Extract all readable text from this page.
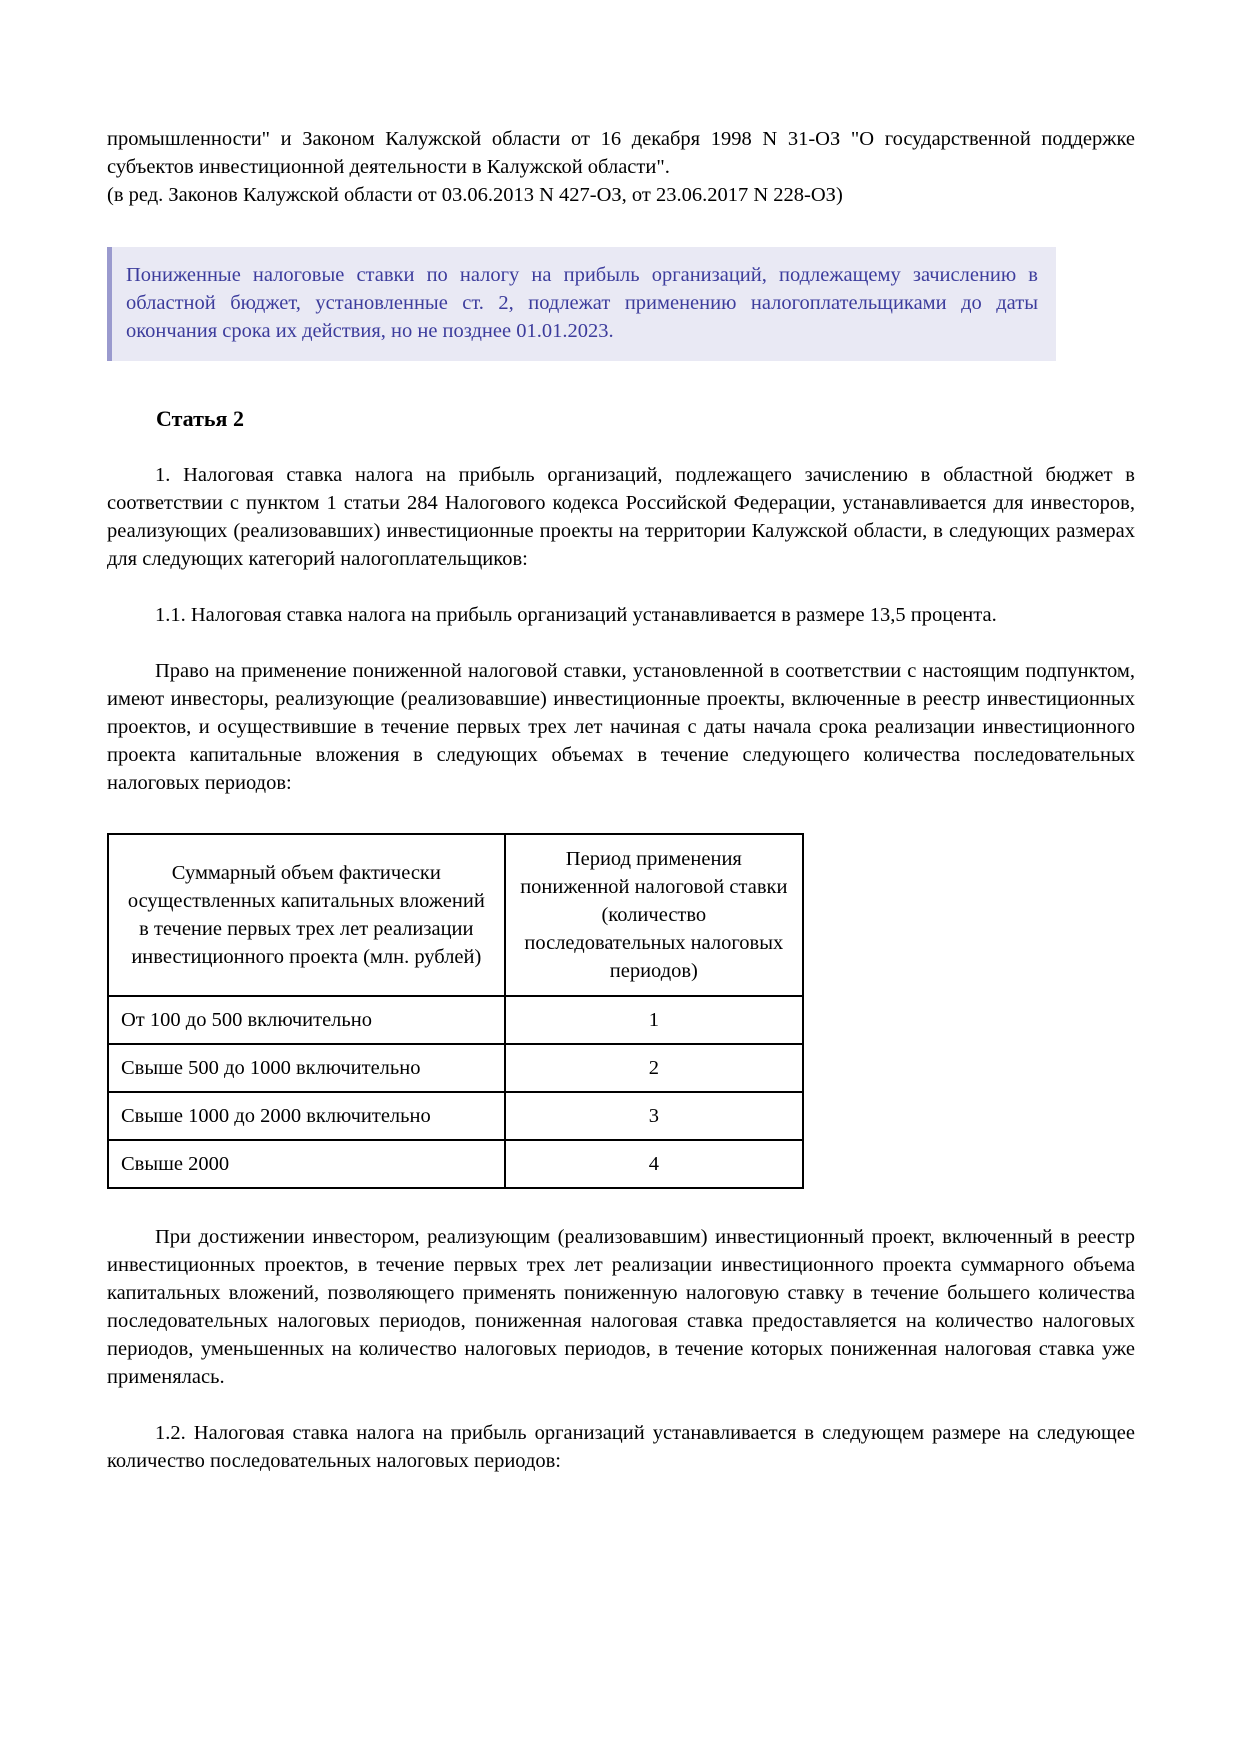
промышленности" и Законом Калужской области от 16 декабря 1998 N 31-ОЗ "О государственной поддержке субъектов инвестиционной деятельности в Калужской области".

(в ред. Законов Калужской области от 03.06.2013 N 427-ОЗ, от 23.06.2017 N 228-ОЗ)

Пониженные налоговые ставки по налогу на прибыль организаций, подлежащему зачислению в областной бюджет, установленные ст. 2, подлежат применению налогоплательщиками до даты окончания срока их действия, но не позднее 01.01.2023.

Статья 2

1. Налоговая ставка налога на прибыль организаций, подлежащего зачислению в областной бюджет в соответствии с пунктом 1 статьи 284 Налогового кодекса Российской Федерации, устанавливается для инвесторов, реализующих (реализовавших) инвестиционные проекты на территории Калужской области, в следующих размерах для следующих категорий налогоплательщиков:

1.1. Налоговая ставка налога на прибыль организаций устанавливается в размере 13,5 процента.

Право на применение пониженной налоговой ставки, установленной в соответствии с настоящим подпунктом, имеют инвесторы, реализующие (реализовавшие) инвестиционные проекты, включенные в реестр инвестиционных проектов, и осуществившие в течение первых трех лет начиная с даты начала срока реализации инвестиционного проекта капитальные вложения в следующих объемах в течение следующего количества последовательных налоговых периодов:

Суммарный объем фактически осуществленных капитальных вложений в течение первых трех лет реализации инвестиционного проекта (млн. рублей)	Период применения пониженной налоговой ставки (количество последовательных налоговых периодов)
От 100 до 500 включительно	1
Свыше 500 до 1000 включительно	2
Свыше 1000 до 2000 включительно	3
Свыше 2000	4

При достижении инвестором, реализующим (реализовавшим) инвестиционный проект, включенный в реестр инвестиционных проектов, в течение первых трех лет реализации инвестиционного проекта суммарного объема капитальных вложений, позволяющего применять пониженную налоговую ставку в течение большего количества последовательных налоговых периодов, пониженная налоговая ставка предоставляется на количество налоговых периодов, уменьшенных на количество налоговых периодов, в течение которых пониженная налоговая ставка уже применялась.

1.2. Налоговая ставка налога на прибыль организаций устанавливается в следующем размере на следующее количество последовательных налоговых периодов:
